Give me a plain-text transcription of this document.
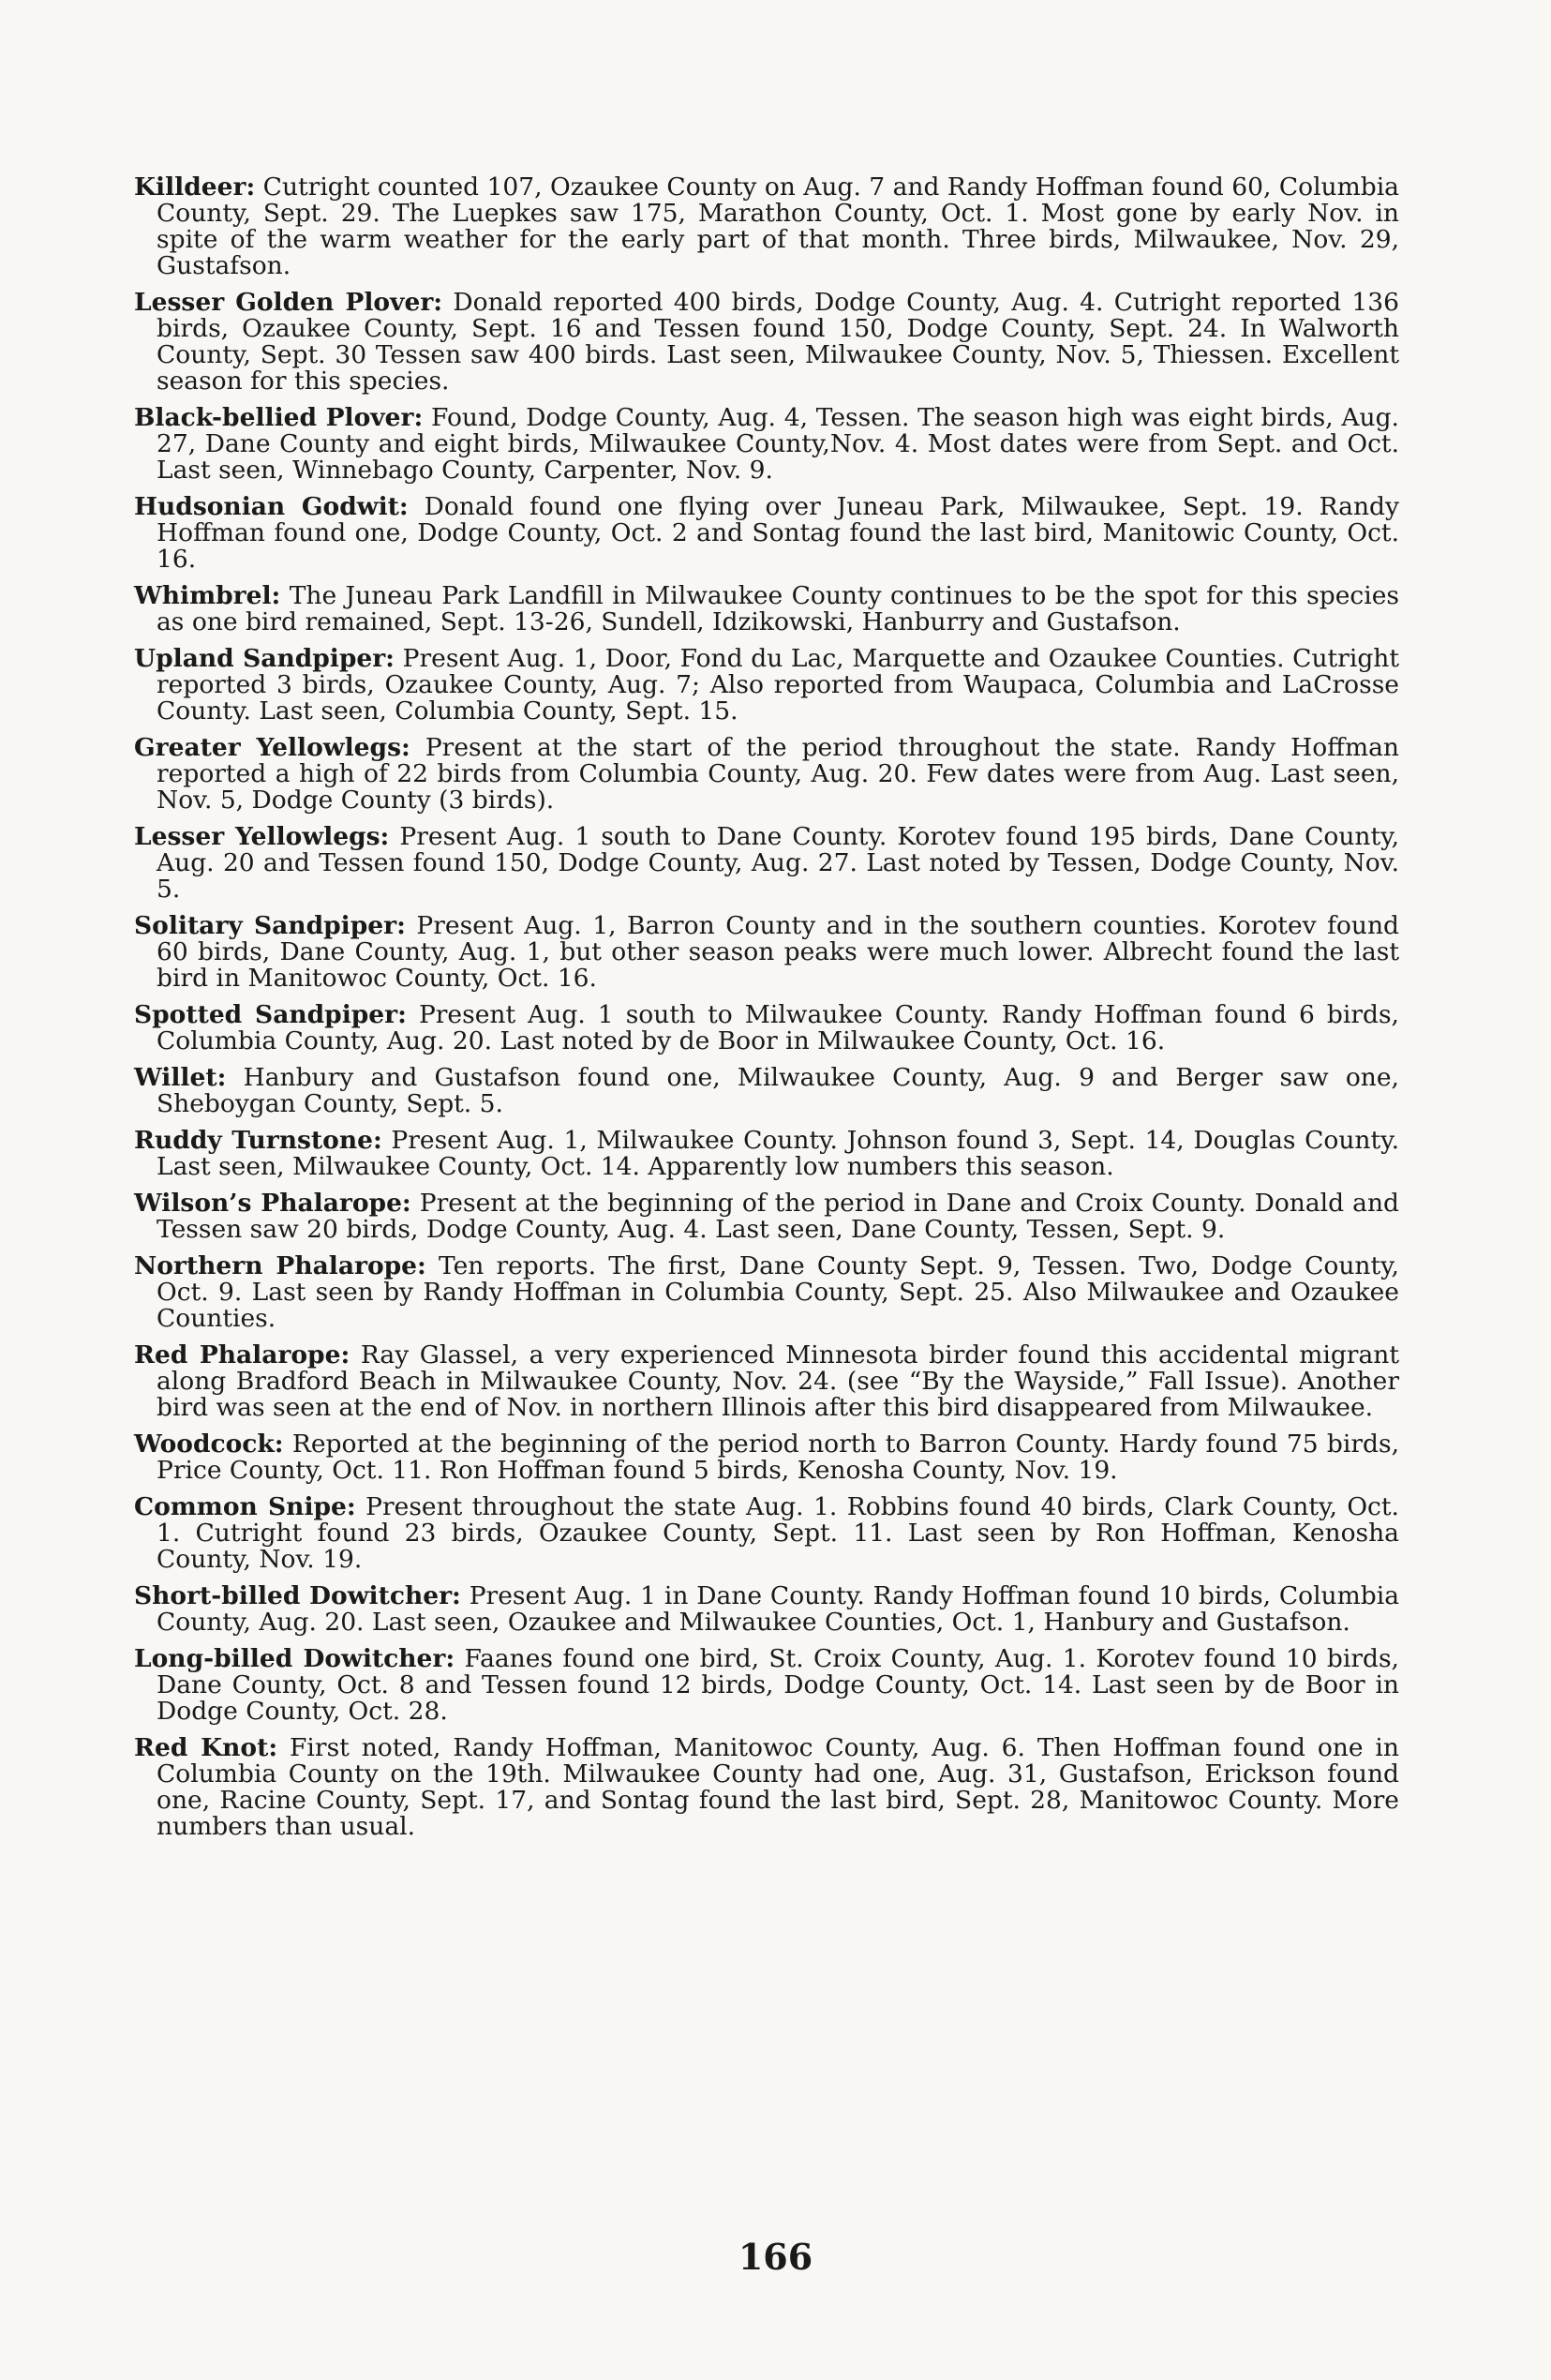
Killdeer: Cutright counted 107, Ozaukee County on Aug. 7 and Randy Hoffman found 60, Columbia County, Sept. 29. The Luepkes saw 175, Marathon County, Oct. 1. Most gone by early Nov. in spite of the warm weather for the early part of that month. Three birds, Milwaukee, Nov. 29, Gustafson.

Lesser Golden Plover: Donald reported 400 birds, Dodge County, Aug. 4. Cutright reported 136 birds, Ozaukee County, Sept. 16 and Tessen found 150, Dodge County, Sept. 24. In Walworth County, Sept. 30 Tessen saw 400 birds. Last seen, Milwaukee County, Nov. 5, Thiessen. Excellent season for this species.

Black-bellied Plover: Found, Dodge County, Aug. 4, Tessen. The season high was eight birds, Aug. 27, Dane County and eight birds, Milwaukee County,Nov. 4. Most dates were from Sept. and Oct. Last seen, Winnebago County, Carpenter, Nov. 9.

Hudsonian Godwit: Donald found one flying over Juneau Park, Milwaukee, Sept. 19. Randy Hoffman found one, Dodge County, Oct. 2 and Sontag found the last bird, Manitowic County, Oct. 16.

Whimbrel: The Juneau Park Landfill in Milwaukee County continues to be the spot for this species as one bird remained, Sept. 13-26, Sundell, Idzikowski, Hanburry and Gustafson.

Upland Sandpiper: Present Aug. 1, Door, Fond du Lac, Marquette and Ozaukee Counties. Cutright reported 3 birds, Ozaukee County, Aug. 7; Also reported from Waupaca, Columbia and LaCrosse County. Last seen, Columbia County, Sept. 15.

Greater Yellowlegs: Present at the start of the period throughout the state. Randy Hoffman reported a high of 22 birds from Columbia County, Aug. 20. Few dates were from Aug. Last seen, Nov. 5, Dodge County (3 birds).

Lesser Yellowlegs: Present Aug. 1 south to Dane County. Korotev found 195 birds, Dane County, Aug. 20 and Tessen found 150, Dodge County, Aug. 27. Last noted by Tessen, Dodge County, Nov. 5.

Solitary Sandpiper: Present Aug. 1, Barron County and in the southern counties. Korotev found 60 birds, Dane County, Aug. 1, but other season peaks were much lower. Albrecht found the last bird in Manitowoc County, Oct. 16.

Spotted Sandpiper: Present Aug. 1 south to Milwaukee County. Randy Hoffman found 6 birds, Columbia County, Aug. 20. Last noted by de Boor in Milwaukee County, Oct. 16.

Willet: Hanbury and Gustafson found one, Milwaukee County, Aug. 9 and Berger saw one, Sheboygan County, Sept. 5.

Ruddy Turnstone: Present Aug. 1, Milwaukee County. Johnson found 3, Sept. 14, Douglas County. Last seen, Milwaukee County, Oct. 14. Apparently low numbers this season.

Wilson’s Phalarope: Present at the beginning of the period in Dane and Croix County. Donald and Tessen saw 20 birds, Dodge County, Aug. 4. Last seen, Dane County, Tessen, Sept. 9.

Northern Phalarope: Ten reports. The first, Dane County Sept. 9, Tessen. Two, Dodge County, Oct. 9. Last seen by Randy Hoffman in Columbia County, Sept. 25. Also Milwaukee and Ozaukee Counties.

Red Phalarope: Ray Glassel, a very experienced Minnesota birder found this accidental migrant along Bradford Beach in Milwaukee County, Nov. 24. (see “By the Wayside,” Fall Issue). Another bird was seen at the end of Nov. in northern Illinois after this bird disappeared from Milwaukee.

Woodcock: Reported at the beginning of the period north to Barron County. Hardy found 75 birds, Price County, Oct. 11. Ron Hoffman found 5 birds, Kenosha County, Nov. 19.

Common Snipe: Present throughout the state Aug. 1. Robbins found 40 birds, Clark County, Oct. 1. Cutright found 23 birds, Ozaukee County, Sept. 11. Last seen by Ron Hoffman, Kenosha County, Nov. 19.

Short-billed Dowitcher: Present Aug. 1 in Dane County. Randy Hoffman found 10 birds, Columbia County, Aug. 20. Last seen, Ozaukee and Milwaukee Counties, Oct. 1, Hanbury and Gustafson.

Long-billed Dowitcher: Faanes found one bird, St. Croix County, Aug. 1. Korotev found 10 birds, Dane County, Oct. 8 and Tessen found 12 birds, Dodge County, Oct. 14. Last seen by de Boor in Dodge County, Oct. 28.

Red Knot: First noted, Randy Hoffman, Manitowoc County, Aug. 6. Then Hoffman found one in Columbia County on the 19th. Milwaukee County had one, Aug. 31, Gustafson, Erickson found one, Racine County, Sept. 17, and Sontag found the last bird, Sept. 28, Manitowoc County. More numbers than usual.

166
